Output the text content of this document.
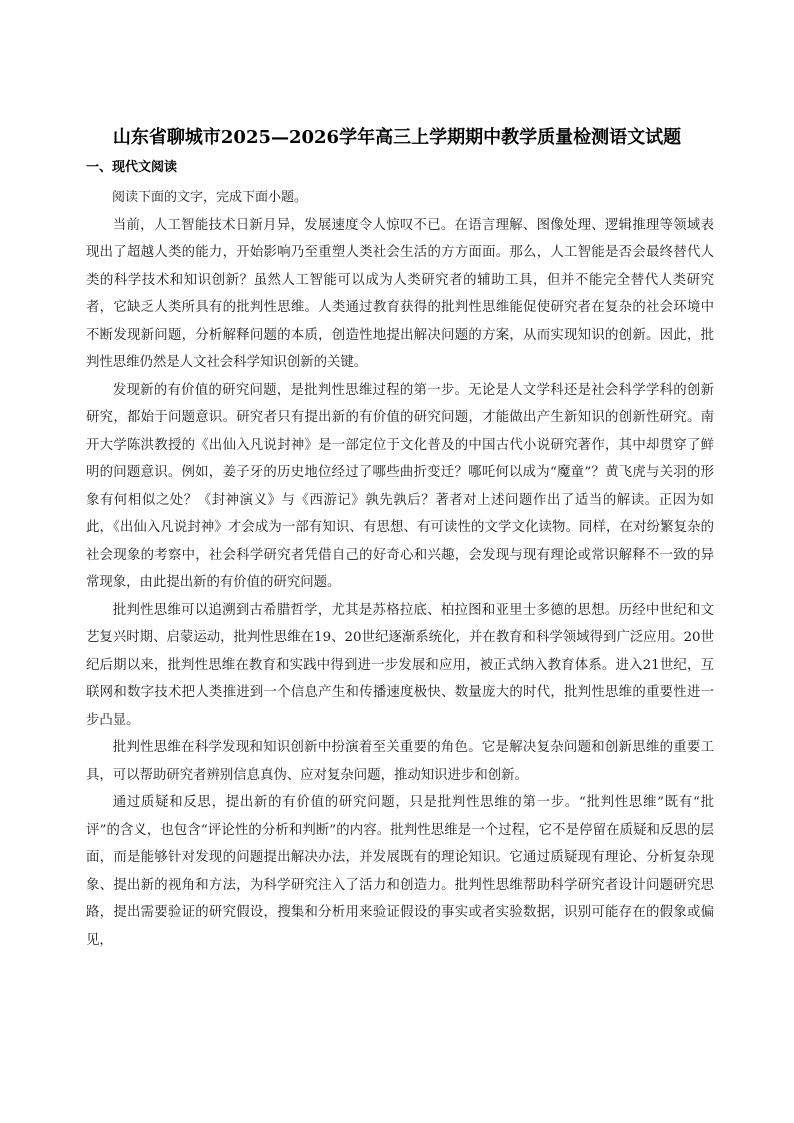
山东省聊城市2025—2026学年高三上学期期中教学质量检测语文试题
一、现代文阅读

阅读下面的文字，完成下面小题。

当前，人工智能技术日新月异，发展速度令人惊叹不已。在语言理解、图像处理、逻辑推理等领域表现出了超越人类的能力，开始影响乃至重塑人类社会生活的方方面面。那么，人工智能是否会最终替代人类的科学技术和知识创新？虽然人工智能可以成为人类研究者的辅助工具，但并不能完全替代人类研究者，它缺乏人类所具有的批判性思维。人类通过教育获得的批判性思维能促使研究者在复杂的社会环境中不断发现新问题，分析解释问题的本质，创造性地提出解决问题的方案，从而实现知识的创新。因此，批判性思维仍然是人文社会科学知识创新的关键。

发现新的有价值的研究问题，是批判性思维过程的第一步。无论是人文学科还是社会科学学科的创新研究，都始于问题意识。研究者只有提出新的有价值的研究问题，才能做出产生新知识的创新性研究。南开大学陈洪教授的《出仙入凡说封神》是一部定位于文化普及的中国古代小说研究著作，其中却贯穿了鲜明的问题意识。例如，姜子牙的历史地位经过了哪些曲折变迁？哪吒何以成为“魔童”？黄飞虎与关羽的形象有何相似之处？《封神演义》与《西游记》孰先孰后？著者对上述问题作出了适当的解读。正因为如此，《出仙入凡说封神》才会成为一部有知识、有思想、有可读性的文学文化读物。同样，在对纷繁复杂的社会现象的考察中，社会科学研究者凭借自己的好奇心和兴趣，会发现与现有理论或常识解释不一致的异常现象，由此提出新的有价值的研究问题。

批判性思维可以追溯到古希腊哲学，尤其是苏格拉底、柏拉图和亚里士多德的思想。历经中世纪和文艺复兴时期、启蒙运动，批判性思维在19、20世纪逐渐系统化，并在教育和科学领域得到广泛应用。20世纪后期以来，批判性思维在教育和实践中得到进一步发展和应用，被正式纳入教育体系。进入21世纪，互联网和数字技术把人类推进到一个信息产生和传播速度极快、数量庞大的时代，批判性思维的重要性进一步凸显。

批判性思维在科学发现和知识创新中扮演着至关重要的角色。它是解决复杂问题和创新思维的重要工具，可以帮助研究者辨别信息真伪、应对复杂问题，推动知识进步和创新。

通过质疑和反思，提出新的有价值的研究问题，只是批判性思维的第一步。“批判性思维”既有“批评”的含义，也包含“评论性的分析和判断”的内容。批判性思维是一个过程，它不是停留在质疑和反思的层面，而是能够针对发现的问题提出解决办法，并发展既有的理论知识。它通过质疑现有理论、分析复杂现象、提出新的视角和方法，为科学研究注入了活力和创造力。批判性思维帮助科学研究者设计问题研究思路，提出需要验证的研究假设，搜集和分析用来验证假设的事实或者实验数据，识别可能存在的假象或偏见，
